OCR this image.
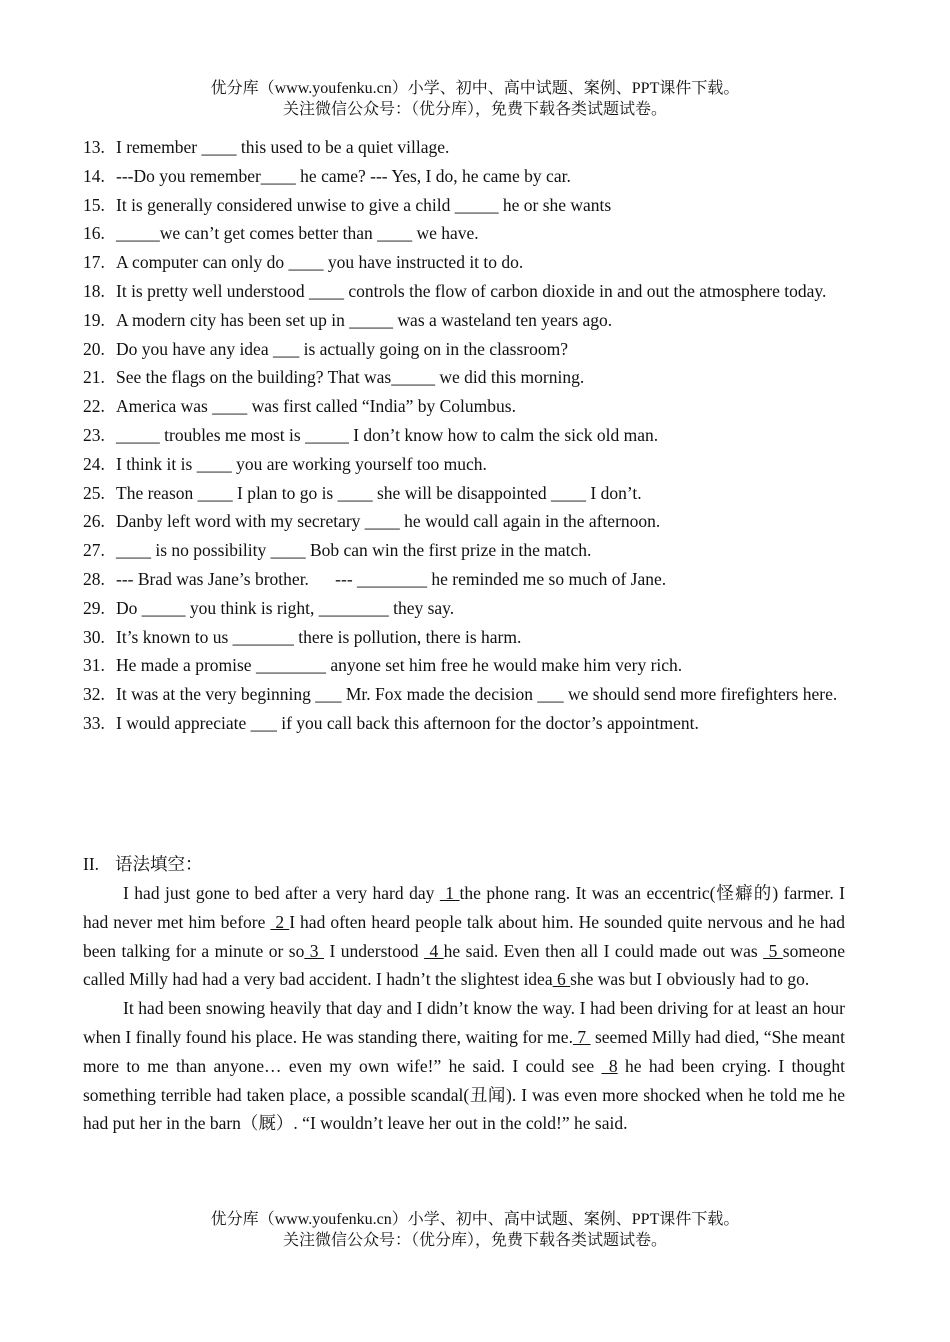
优分库（www.youfenku.cn）小学、初中、高中试题、案例、PPT课件下载。
关注微信公众号：（优分库），免费下载各类试题试卷。
13. I remember ____ this used to be a quiet village.
14. ---Do you remember____ he came? --- Yes, I do, he came by car.
15. It is generally considered unwise to give a child _____ he or she wants
16. _____we can’t get comes better than ____ we have.
17. A computer can only do ____ you have instructed it to do.
18. It is pretty well understood ____ controls the flow of carbon dioxide in and out the atmosphere today.
19. A modern city has been set up in _____ was a wasteland ten years ago.
20. Do you have any idea ___ is actually going on in the classroom?
21. See the flags on the building? That was_____ we did this morning.
22. America was ____ was first called “India” by Columbus.
23. _____ troubles me most is _____ I don’t know how to calm the sick old man.
24. I think it is ____ you are working yourself too much.
25. The reason ____ I plan to go is ____ she will be disappointed ____ I don’t.
26. Danby left word with my secretary ____ he would call again in the afternoon.
27. ____ is no possibility ____ Bob can win the first prize in the match.
28. --- Brad was Jane’s brother.      --- ________ he reminded me so much of Jane.
29. Do _____ you think is right, ________ they say.
30. It’s known to us _______ there is pollution, there is harm.
31. He made a promise ________ anyone set him free he would make him very rich.
32. It was at the very beginning ___ Mr. Fox made the decision ___ we should send more firefighters here.
33. I would appreciate ___ if you call back this afternoon for the doctor’s appointment.
II. 语法填空：

I had just gone to bed after a very hard day  1 the phone rang. It was an eccentric(怪癖的) farmer. I had never met him before  2 I had often heard people talk about him. He sounded quite nervous and he had been talking for a minute or so 3  I understood  4 he said. Even then all I could made out was  5 someone called Milly had had a very bad accident. I hadn’t the slightest idea 6 she was but I obviously had to go.

It had been snowing heavily that day and I didn’t know the way. I had been driving for at least an hour when I finally found his place. He was standing there, waiting for me. 7  seemed Milly had died, “She meant more to me than anyone… even my own wife!” he said. I could see  8 he had been crying. I thought something terrible had taken place, a possible scandal(丑闻). I was even more shocked when he told me he had put her in the barn（厩）. “I wouldn’t leave her out in the cold!” he said.

优分库（www.youfenku.cn）小学、初中、高中试题、案例、PPT课件下载。
关注微信公众号：（优分库），免费下载各类试题试卷。
